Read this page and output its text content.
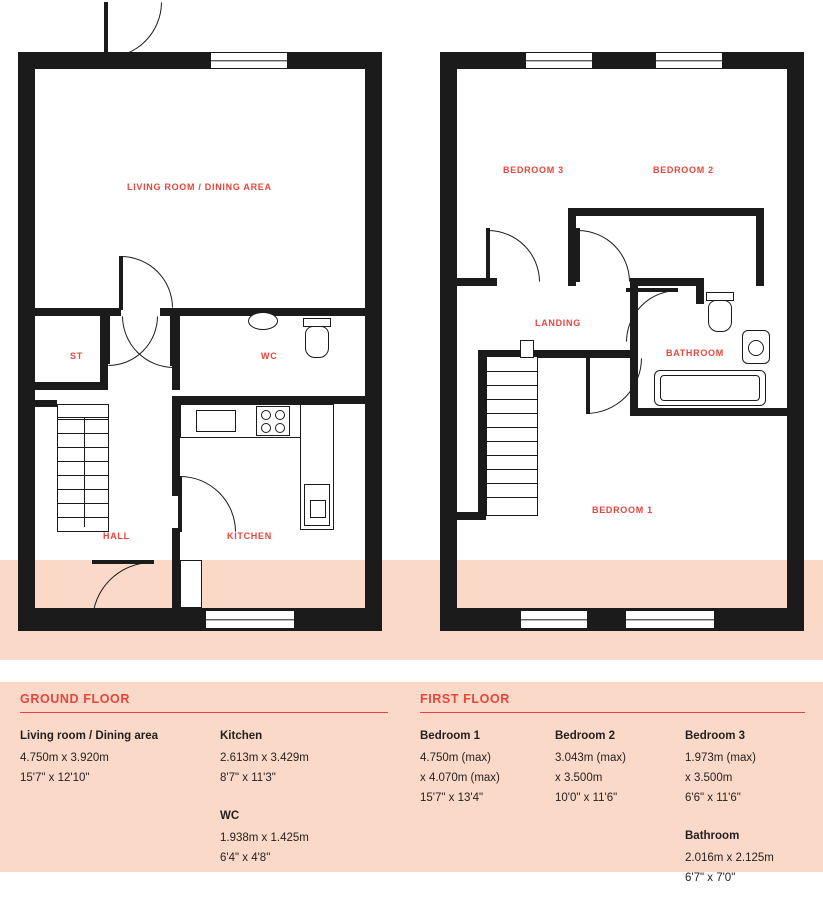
LIVING ROOM / DINING AREA
ST	WC
HALL	KITCHEN
BEDROOM 3	BEDROOM 2
LANDING
BATHROOM
BEDROOM 1
GROUND FLOOR
Living room / Dining area
4.750m x 3.920m
15'7" x 12'10"
Kitchen
2.613m x 3.429m
8'7" x 11'3"
WC
1.938m x 1.425m
6'4" x 4'8"
FIRST FLOOR
Bedroom 1
4.750m (max)
x 4.070m (max)
15'7" x 13'4"
Bedroom 2
3.043m (max)
x 3.500m
10'0" x 11'6"
Bedroom 3
1.973m (max)
x 3.500m
6'6" x 11'6"
Bathroom
2.016m x 2.125m
6'7" x 7'0"
